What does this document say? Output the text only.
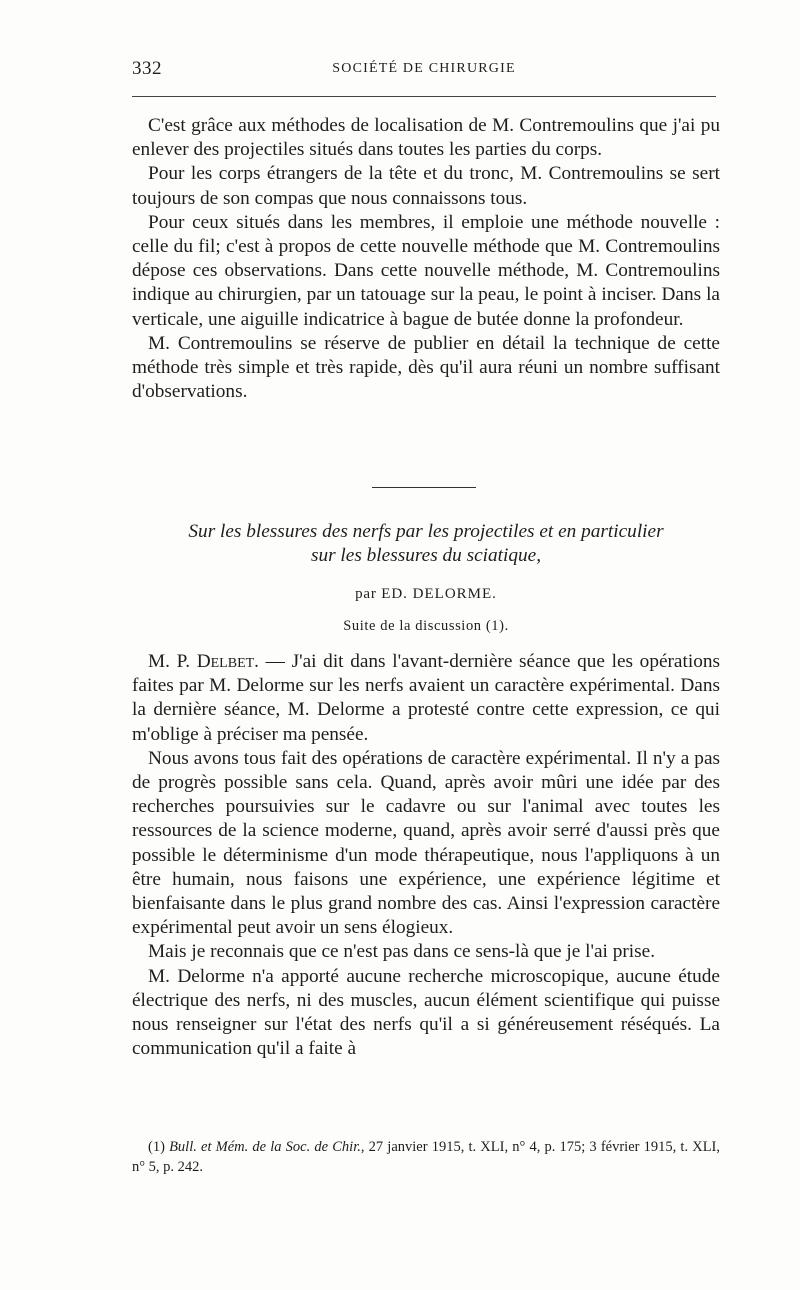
332	SOCIÉTÉ DE CHIRURGIE

C'est grâce aux méthodes de localisation de M. Contremoulins que j'ai pu enlever des projectiles situés dans toutes les parties du corps.

Pour les corps étrangers de la tête et du tronc, M. Contremoulins se sert toujours de son compas que nous connaissons tous.

Pour ceux situés dans les membres, il emploie une méthode nouvelle : celle du fil; c'est à propos de cette nouvelle méthode que M. Contremoulins dépose ces observations. Dans cette nouvelle méthode, M. Contremoulins indique au chirurgien, par un tatouage sur la peau, le point à inciser. Dans la verticale, une aiguille indicatrice à bague de butée donne la profondeur.

M. Contremoulins se réserve de publier en détail la technique de cette méthode très simple et très rapide, dès qu'il aura réuni un nombre suffisant d'observations.

Sur les blessures des nerfs par les projectiles et en particulier
sur les blessures du sciatique,
par ED. DELORME.
Suite de la discussion (1).

M. P. Delbet. — J'ai dit dans l'avant-dernière séance que les opérations faites par M. Delorme sur les nerfs avaient un caractère expérimental. Dans la dernière séance, M. Delorme a protesté contre cette expression, ce qui m'oblige à préciser ma pensée.

Nous avons tous fait des opérations de caractère expérimental. Il n'y a pas de progrès possible sans cela. Quand, après avoir mûri une idée par des recherches poursuivies sur le cadavre ou sur l'animal avec toutes les ressources de la science moderne, quand, après avoir serré d'aussi près que possible le déterminisme d'un mode thérapeutique, nous l'appliquons à un être humain, nous faisons une expérience, une expérience légitime et bienfaisante dans le plus grand nombre des cas. Ainsi l'expression caractère expérimental peut avoir un sens élogieux.

Mais je reconnais que ce n'est pas dans ce sens-là que je l'ai prise.

M. Delorme n'a apporté aucune recherche microscopique, aucune étude électrique des nerfs, ni des muscles, aucun élément scientifique qui puisse nous renseigner sur l'état des nerfs qu'il a si généreusement réséqués. La communication qu'il a faite à

(1) Bull. et Mém. de la Soc. de Chir., 27 janvier 1915, t. XLI, n° 4, p. 175; 3 février 1915, t. XLI, n° 5, p. 242.
